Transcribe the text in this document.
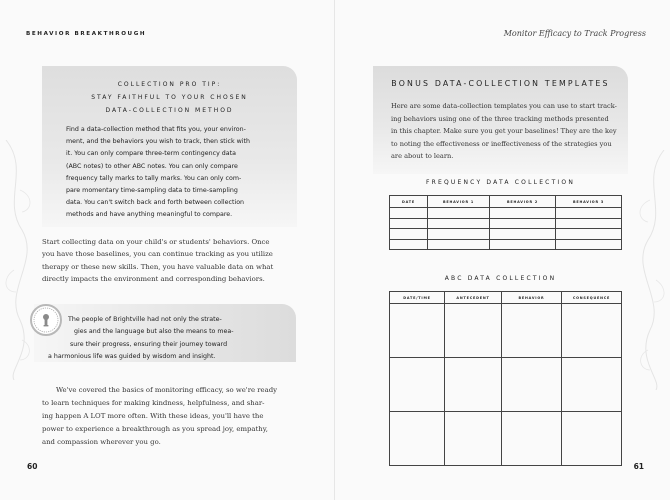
BEHAVIOR BREAKTHROUGH
COLLECTION PRO TIP:
STAY FAITHFUL TO YOUR CHOSEN
DATA-COLLECTION METHOD
Find a data-collection method that fits you, your environ-
ment, and the behaviors you wish to track, then stick with
it. You can only compare three-term contingency data
(ABC notes) to other ABC notes. You can only compare
frequency tally marks to tally marks. You can only com-
pare momentary time-sampling data to time-sampling
data. You can't switch back and forth between collection
methods and have anything meaningful to compare.
Start collecting data on your child's or students' behaviors. Once
you have those baselines, you can continue tracking as you utilize
therapy or these new skills. Then, you have valuable data on what
directly impacts the environment and corresponding behaviors.
The people of Brightville had not only the strate-
gies and the language but also the means to mea-
sure their progress, ensuring their journey toward
a harmonious life was guided by wisdom and insight.
We've covered the basics of monitoring efficacy, so we're ready
to learn techniques for making kindness, helpfulness, and shar-
ing happen A LOT more often. With these ideas, you'll have the
power to experience a breakthrough as you spread joy, empathy,
and compassion wherever you go.
60
Monitor Efficacy to Track Progress
BONUS DATA-COLLECTION TEMPLATES
Here are some data-collection templates you can use to start track-
ing behaviors using one of the three tracking methods presented
in this chapter. Make sure you get your baselines! They are the key
to noting the effectiveness or ineffectiveness of the strategies you
are about to learn.
FREQUENCY DATA COLLECTION
DATE	BEHAVIOR 1	BEHAVIOR 2	BEHAVIOR 3

ABC DATA COLLECTION
DATE/TIME	ANTECEDENT	BEHAVIOR	CONSEQUENCE

61
